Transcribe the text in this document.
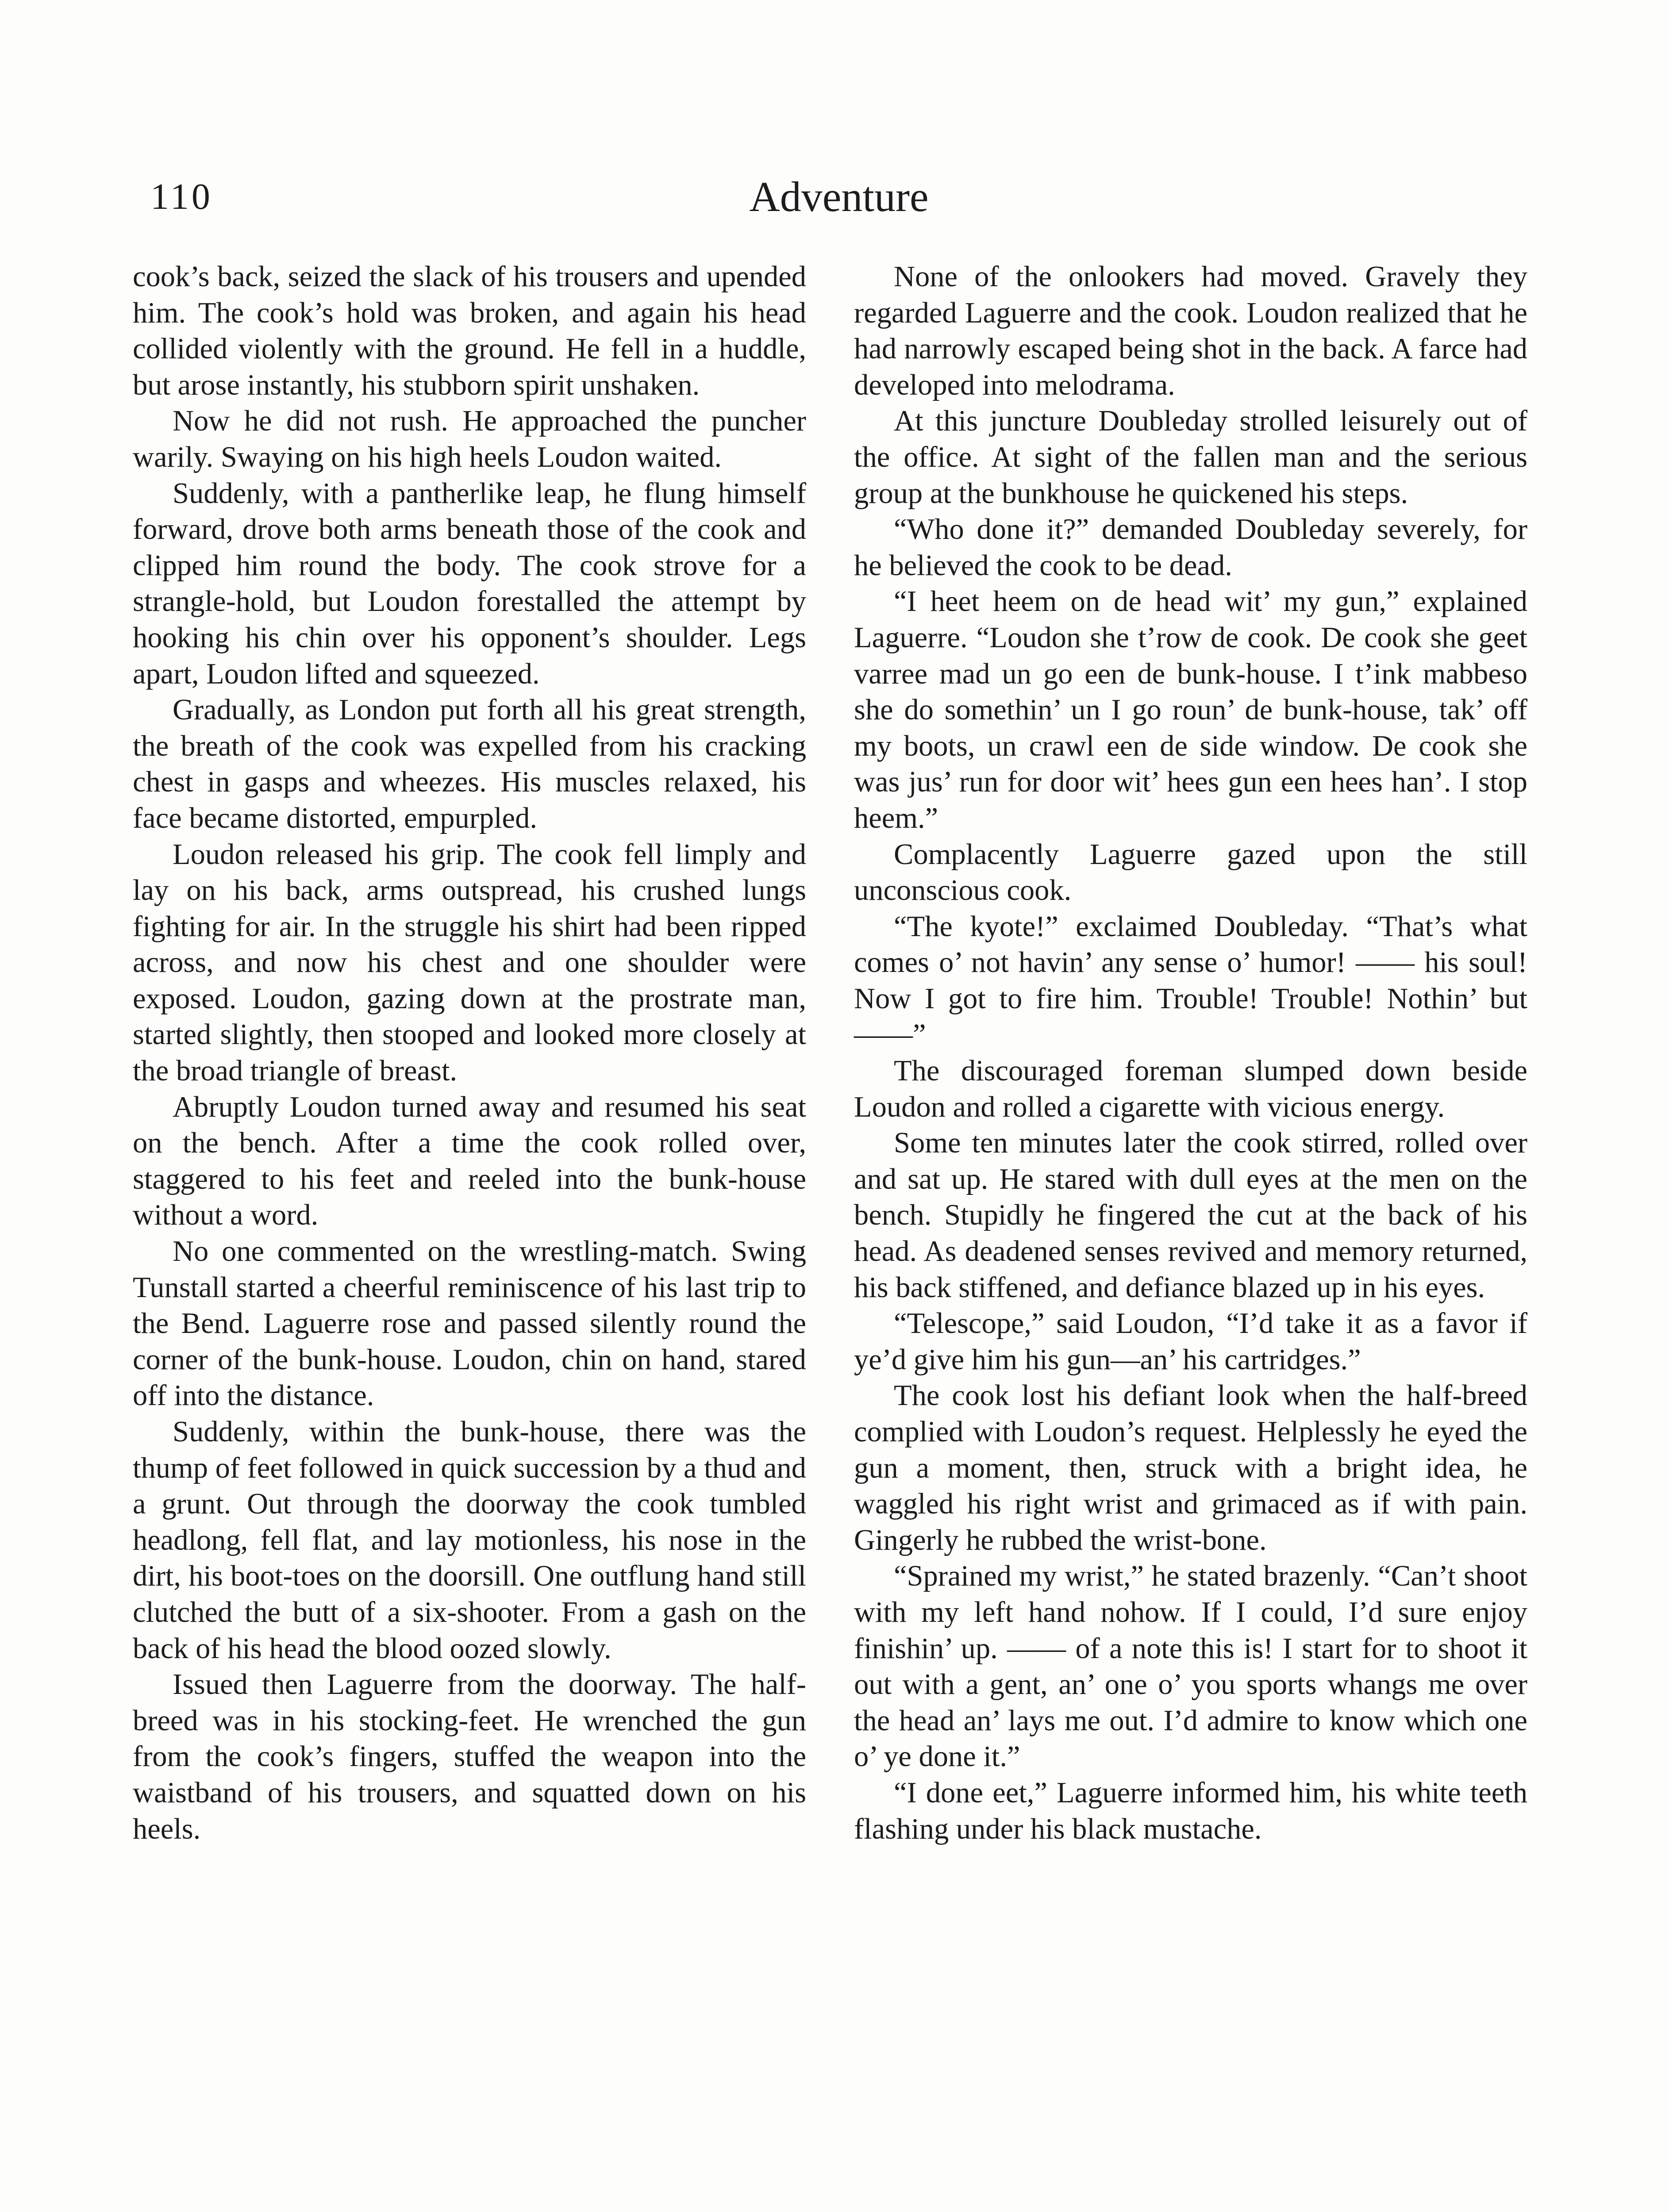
110	Adventure

cook’s back, seized the slack of his trousers and upended him. The cook’s hold was broken, and again his head collided violently with the ground. He fell in a huddle, but arose instantly, his stubborn spirit unshaken.

Now he did not rush. He approached the puncher warily. Swaying on his high heels Loudon waited.

Suddenly, with a pantherlike leap, he flung himself forward, drove both arms beneath those of the cook and clipped him round the body. The cook strove for a strangle-hold, but Loudon forestalled the attempt by hooking his chin over his opponent’s shoulder. Legs apart, Loudon lifted and squeezed.

Gradually, as London put forth all his great strength, the breath of the cook was expelled from his cracking chest in gasps and wheezes. His muscles relaxed, his face became distorted, empurpled.

Loudon released his grip. The cook fell limply and lay on his back, arms outspread, his crushed lungs fighting for air. In the struggle his shirt had been ripped across, and now his chest and one shoulder were exposed. Loudon, gazing down at the prostrate man, started slightly, then stooped and looked more closely at the broad triangle of breast.

Abruptly Loudon turned away and resumed his seat on the bench. After a time the cook rolled over, staggered to his feet and reeled into the bunk-house without a word.

No one commented on the wrestling-match. Swing Tunstall started a cheerful reminiscence of his last trip to the Bend. Laguerre rose and passed silently round the corner of the bunk-house. Loudon, chin on hand, stared off into the distance.

Suddenly, within the bunk-house, there was the thump of feet followed in quick succession by a thud and a grunt. Out through the doorway the cook tumbled headlong, fell flat, and lay motionless, his nose in the dirt, his boot-toes on the doorsill. One outflung hand still clutched the butt of a six-shooter. From a gash on the back of his head the blood oozed slowly.

Issued then Laguerre from the doorway. The half-breed was in his stocking-feet. He wrenched the gun from the cook’s fingers, stuffed the weapon into the waistband of his trousers, and squatted down on his heels.

None of the onlookers had moved. Gravely they regarded Laguerre and the cook. Loudon realized that he had narrowly escaped being shot in the back. A farce had developed into melodrama.

At this juncture Doubleday strolled leisurely out of the office. At sight of the fallen man and the serious group at the bunkhouse he quickened his steps.

“Who done it?” demanded Doubleday severely, for he believed the cook to be dead.

“I heet heem on de head wit’ my gun,” explained Laguerre. “Loudon she t’row de cook. De cook she geet varree mad un go een de bunk-house. I t’ink mabbeso she do somethin’ un I go roun’ de bunk-house, tak’ off my boots, un crawl een de side window. De cook she was jus’ run for door wit’ hees gun een hees han’. I stop heem.”

Complacently Laguerre gazed upon the still unconscious cook.

“The kyote!” exclaimed Doubleday. “That’s what comes o’ not havin’ any sense o’ humor! —— his soul! Now I got to fire him. Trouble! Trouble! Nothin’ but——”

The discouraged foreman slumped down beside Loudon and rolled a cigarette with vicious energy.

Some ten minutes later the cook stirred, rolled over and sat up. He stared with dull eyes at the men on the bench. Stupidly he fingered the cut at the back of his head. As deadened senses revived and memory returned, his back stiffened, and defiance blazed up in his eyes.

“Telescope,” said Loudon, “I’d take it as a favor if ye’d give him his gun—an’ his cartridges.”

The cook lost his defiant look when the half-breed complied with Loudon’s request. Helplessly he eyed the gun a moment, then, struck with a bright idea, he waggled his right wrist and grimaced as if with pain. Gingerly he rubbed the wrist-bone.

“Sprained my wrist,” he stated brazenly. “Can’t shoot with my left hand nohow. If I could, I’d sure enjoy finishin’ up. —— of a note this is! I start for to shoot it out with a gent, an’ one o’ you sports whangs me over the head an’ lays me out. I’d admire to know which one o’ ye done it.”

“I done eet,” Laguerre informed him, his white teeth flashing under his black mustache.
